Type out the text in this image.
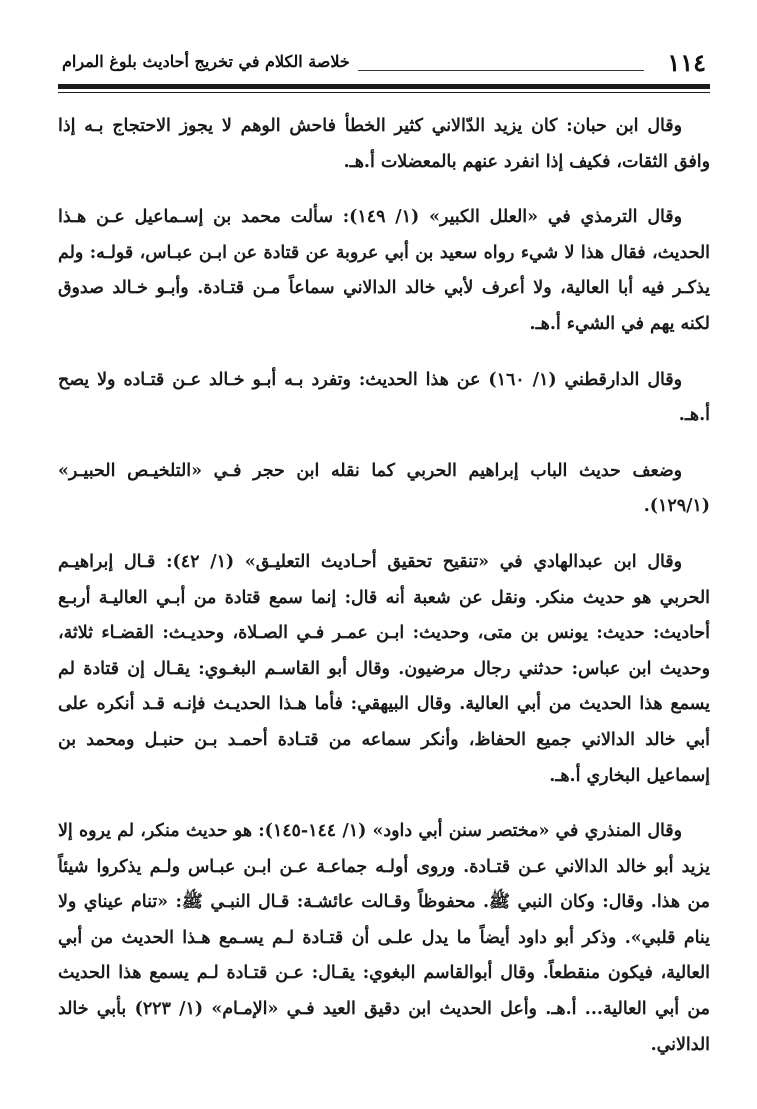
١١٤
خلاصة الكلام في تخريج أحاديث بلوغ المرام

وقال ابن حبان: كان يزيد الدّالاني كثير الخطأ فاحش الوهم لا يجوز الاحتجاج بـه إذا وافق الثقات، فكيف إذا انفرد عنهم بالمعضلات أ.هـ.

وقال الترمذي في «العلل الكبير» (١/ ١٤٩): سألت محمد بن إسـماعيل عـن هـذا الحديث، فقال هذا لا شيء رواه سعيد بن أبي عروبة عن قتادة عن ابـن عبـاس، قولـه: ولم يذكـر فيه أبا العالية، ولا أعرف لأبي خالد الدالاني سماعاً مـن قتـادة. وأبـو خـالد صدوق لكنه يهم في الشيء أ.هـ.

وقال الدارقطني (١/ ١٦٠) عن هذا الحديث: وتفرد بـه أبـو خـالد عـن قتـاده ولا يصح أ.هـ.

وضعف حديث الباب إبراهيم الحربي كما نقله ابن حجر فـي «التلخيـص الحبيـر» (١٢٩/١).

وقال ابن عبدالهادي في «تنقيح تحقيق أحـاديث التعليـق» (١/ ٤٢): قـال إبراهيـم الحربي هو حديث منكر. ونقل عن شعبة أنه قال: إنما سمع قتادة من أبـي العاليـة أربـع أحاديث: حديث: يونس بن متى، وحديث: ابـن عمـر فـي الصـلاة، وحديـث: القضـاء ثلاثة، وحديث ابن عباس: حدثني رجال مرضيون. وقال أبو القاسـم البغـوي: يقـال إن قتادة لم يسمع هذا الحديث من أبي العالية. وقال البيهقي: فأما هـذا الحديـث فإنـه قـد أنكره على أبي خالد الدالاني جميع الحفاظ، وأنكر سماعه من قتـادة أحمـد بـن حنبـل ومحمد بن إسماعيل البخاري أ.هـ.

وقال المنذري في «مختصر سنن أبي داود» (١/ ١٤٤-١٤٥): هو حديث منكر، لم يروه إلا يزيد أبو خالد الدالاني عـن قتـادة. وروى أولـه جماعـة عـن ابـن عبـاس ولـم يذكروا شيئاً من هذا. وقال: وكان النبي ﷺ. محفوظاً وقـالت عائشـة: قـال النبـي ﷺ: «تنام عيناي ولا ينام قلبي». وذكر أبو داود أيضاً ما يدل علـى أن قتـادة لـم يسـمع هـذا الحديث من أبي العالية، فيكون منقطعاً. وقال أبوالقاسم البغوي: يقـال: عـن قتـادة لـم يسمع هذا الحديث من أبي العالية... أ.هـ. وأعل الحديث ابن دقيق العيد فـي «الإمـام» (١/ ٢٢٣) بأبي خالد الدالاني.
